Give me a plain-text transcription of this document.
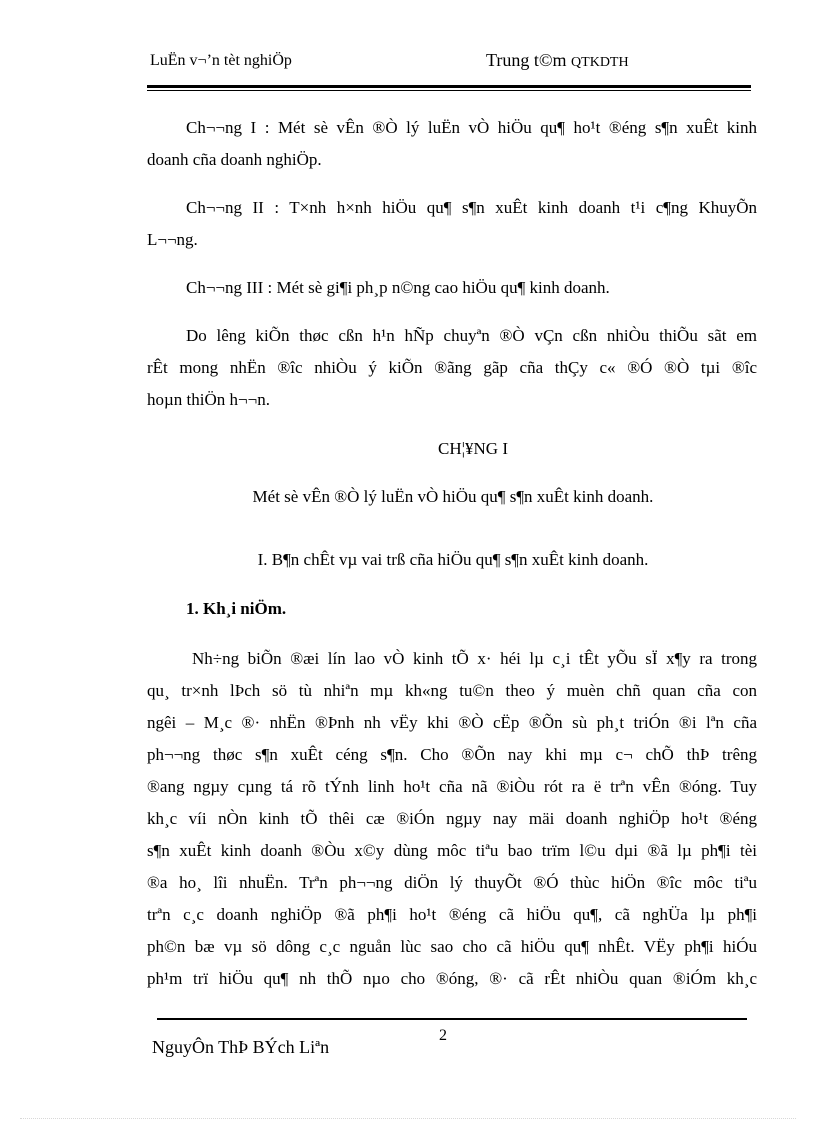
LuËn v¬’n tèt nghiÖp	Trung t©m QTKDTH
Ch¬¬ng I : Mét sè vÊn ®Ò lý luËn vÒ hiÖu qu¶ ho¹t ®éng s¶n xuÊt kinh
doanh cña doanh nghiÖp.
Ch¬¬ng II : T×nh h×nh hiÖu qu¶ s¶n xuÊt kinh doanh t¹i c¶ng KhuyÕn
L¬¬ng.
Ch¬¬ng III : Mét sè gi¶i ph¸p n©ng cao hiÖu qu¶ kinh doanh.
Do lêng kiÕn thøc cßn h¹n hÑp chuyªn ®Ò vÇn cßn nhiÒu thiÕu sãt em
rÊt mong nhËn ®îc nhiÒu ý kiÕn ®ãng gãp cña thÇy c« ®Ó ®Ò tµi ®îc
hoµn thiÖn h¬¬n.
CH¦¥NG I
Mét sè vÊn ®Ò lý luËn vÒ hiÖu qu¶ s¶n xuÊt kinh doanh.
I. B¶n chÊt vµ vai trß cña hiÖu qu¶ s¶n xuÊt kinh doanh.
1. Kh¸i niÖm.
Nh÷ng biÕn ®æi lín lao vÒ kinh tÕ x· héi lµ c¸i tÊt yÕu sÏ x¶y ra trong
qu¸ tr×nh lÞch sö tù nhiªn mµ kh«ng tu©n theo ý muèn chñ quan cña con
ngêi – M¸c ®· nhËn ®Þnh nh vËy khi ®Ò cËp ®Õn sù ph¸t triÓn ®i lªn cña
ph¬¬ng thøc s¶n xuÊt céng s¶n. Cho ®Õn nay khi mµ c¬ chÕ thÞ trêng
®ang ngµy cµng tá rõ tÝnh linh ho¹t cña nã ®iÒu rót ra ë trªn vÊn ®óng. Tuy
kh¸c víi nÒn kinh tÕ thêi cæ ®iÓn ngµy nay mäi doanh nghiÖp ho¹t ®éng
s¶n xuÊt kinh doanh ®Òu x©y dùng môc tiªu bao trïm l©u dµi ®ã lµ ph¶i tèi
®a ho¸ lîi nhuËn. Trªn ph¬¬ng diÖn lý thuyÕt ®Ó thùc hiÖn ®îc môc tiªu
trªn c¸c doanh nghiÖp ®ã ph¶i ho¹t ®éng cã hiÖu qu¶, cã nghÜa lµ ph¶i
ph©n bæ vµ sö dông c¸c nguån lùc sao cho cã hiÖu qu¶ nhÊt. VËy ph¶i hiÓu
ph¹m trï hiÖu qu¶ nh thÕ nµo cho ®óng, ®· cã rÊt nhiÒu quan ®iÓm kh¸c
NguyÔn ThÞ BÝch Liªn
2
